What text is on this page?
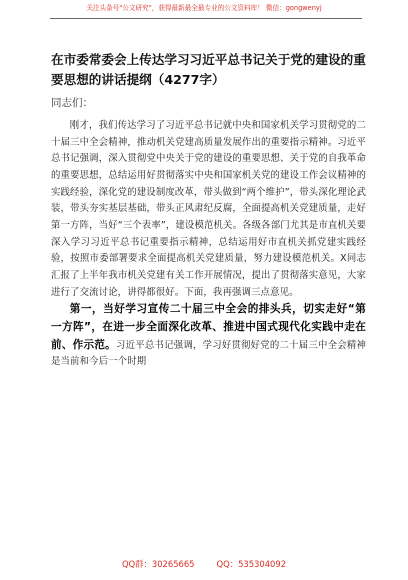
关注头条号"公文研究"，获得最新最全最专业的公文资料库！ 微信：gongwenyj
在市委常委会上传达学习习近平总书记关于党的建设的重要思想的讲话提纲（4277字）
同志们：

刚才，我们传达学习了习近平总书记就中央和国家机关学习贯彻党的二十届三中全会精神，推动机关党建高质量发展作出的重要指示精神。习近平总书记强调，深入贯彻党中央关于党的建设的重要思想、关于党的自我革命的重要思想，总结运用好贯彻落实中央和国家机关党的建设工作会议精神的实践经验，深化党的建设制度改革，带头做到“两个维护”，带头深化理论武装，带头夯实基层基础，带头正风肃纪反腐，全面提高机关党建质量，走好第一方阵，当好“三个表率”，建设模范机关。各级各部门尤其是市直机关要深入学习习近平总书记重要指示精神，总结运用好市直机关抓党建实践经验，按照市委部署要求全面提高机关党建质量，努力建设模范机关。X同志汇报了上半年我市机关党建有关工作开展情况，提出了贯彻落实意见，大家进行了交流讨论，讲得都很好。下面，我再强调三点意见。

第一，当好学习宣传二十届三中全会的排头兵，切实走好“第一方阵”，在进一步全面深化改革、推进中国式现代化实践中走在前、作示范。习近平总书记强调，学习好贯彻好党的二十届三中全会精神是当前和今后一个时期

QQ群：30265665	QQ：535304092
